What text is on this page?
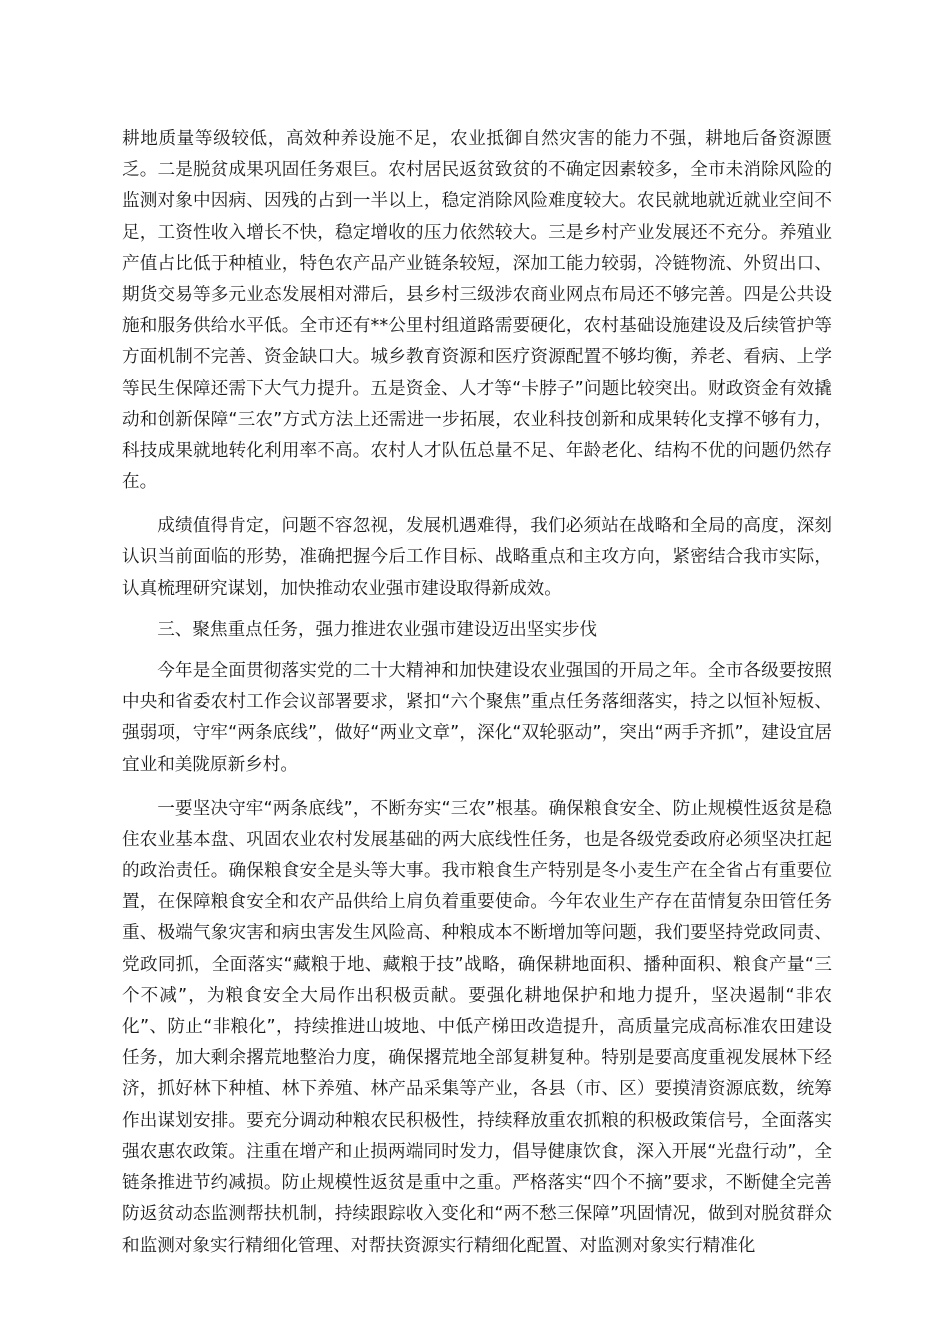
耕地质量等级较低，高效种养设施不足，农业抵御自然灾害的能力不强，耕地后备资源匮乏。二是脱贫成果巩固任务艰巨。农村居民返贫致贫的不确定因素较多，全市未消除风险的监测对象中因病、因残的占到一半以上，稳定消除风险难度较大。农民就地就近就业空间不足，工资性收入增长不快，稳定增收的压力依然较大。三是乡村产业发展还不充分。养殖业产值占比低于种植业，特色农产品产业链条较短，深加工能力较弱，冷链物流、外贸出口、期货交易等多元业态发展相对滞后，县乡村三级涉农商业网点布局还不够完善。四是公共设施和服务供给水平低。全市还有**公里村组道路需要硬化，农村基础设施建设及后续管护等方面机制不完善、资金缺口大。城乡教育资源和医疗资源配置不够均衡，养老、看病、上学等民生保障还需下大气力提升。五是资金、人才等“卡脖子”问题比较突出。财政资金有效撬动和创新保障“三农”方式方法上还需进一步拓展，农业科技创新和成果转化支撑不够有力，科技成果就地转化利用率不高。农村人才队伍总量不足、年龄老化、结构不优的问题仍然存在。

成绩值得肯定，问题不容忽视，发展机遇难得，我们必须站在战略和全局的高度，深刻认识当前面临的形势，准确把握今后工作目标、战略重点和主攻方向，紧密结合我市实际，认真梳理研究谋划，加快推动农业强市建设取得新成效。

三、聚焦重点任务，强力推进农业强市建设迈出坚实步伐

今年是全面贯彻落实党的二十大精神和加快建设农业强国的开局之年。全市各级要按照中央和省委农村工作会议部署要求，紧扣“六个聚焦”重点任务落细落实，持之以恒补短板、强弱项，守牢“两条底线”，做好“两业文章”，深化“双轮驱动”，突出“两手齐抓”，建设宜居宜业和美陇原新乡村。

一要坚决守牢“两条底线”，不断夯实“三农”根基。确保粮食安全、防止规模性返贫是稳住农业基本盘、巩固农业农村发展基础的两大底线性任务，也是各级党委政府必须坚决扛起的政治责任。确保粮食安全是头等大事。我市粮食生产特别是冬小麦生产在全省占有重要位置，在保障粮食安全和农产品供给上肩负着重要使命。今年农业生产存在苗情复杂田管任务重、极端气象灾害和病虫害发生风险高、种粮成本不断增加等问题，我们要坚持党政同责、党政同抓，全面落实“藏粮于地、藏粮于技”战略，确保耕地面积、播种面积、粮食产量“三个不减”，为粮食安全大局作出积极贡献。要强化耕地保护和地力提升，坚决遏制“非农化”、防止“非粮化”，持续推进山坡地、中低产梯田改造提升，高质量完成高标准农田建设任务，加大剩余撂荒地整治力度，确保撂荒地全部复耕复种。特别是要高度重视发展林下经济，抓好林下种植、林下养殖、林产品采集等产业，各县（市、区）要摸清资源底数，统筹作出谋划安排。要充分调动种粮农民积极性，持续释放重农抓粮的积极政策信号，全面落实强农惠农政策。注重在增产和止损两端同时发力，倡导健康饮食，深入开展“光盘行动”，全链条推进节约减损。防止规模性返贫是重中之重。严格落实“四个不摘”要求，不断健全完善防返贫动态监测帮扶机制，持续跟踪收入变化和“两不愁三保障”巩固情况，做到对脱贫群众和监测对象实行精细化管理、对帮扶资源实行精细化配置、对监测对象实行精准化
